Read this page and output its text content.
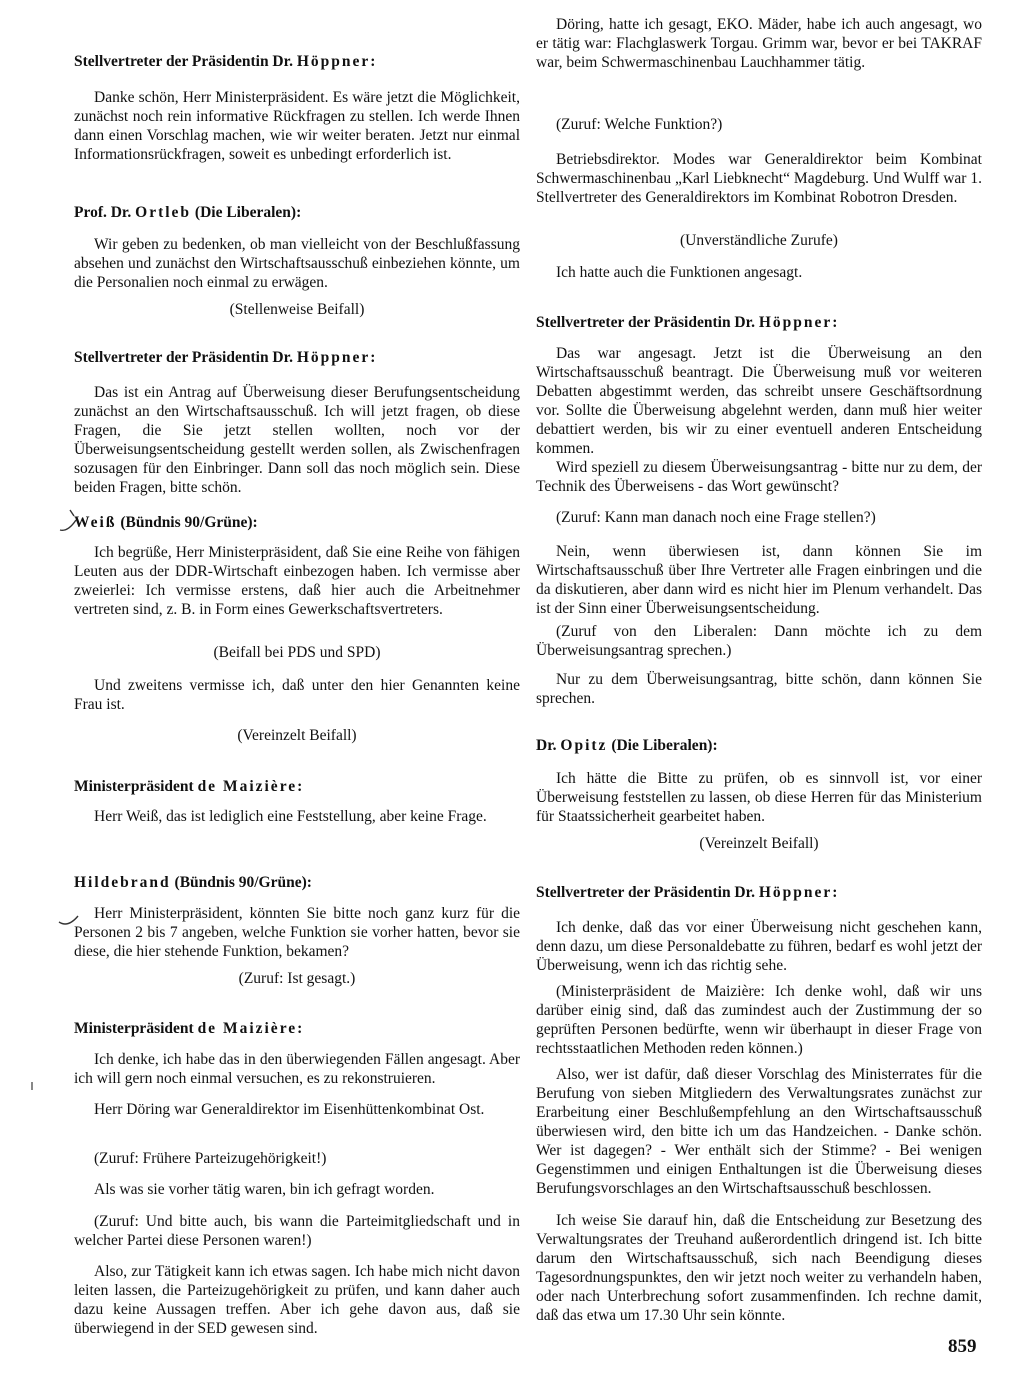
Stellvertreter der Präsidentin Dr. Höppner:

Danke schön, Herr Ministerpräsident. Es wäre jetzt die Möglichkeit, zunächst noch rein informative Rückfragen zu stellen. Ich werde Ihnen dann einen Vorschlag machen, wie wir weiter beraten. Jetzt nur einmal Informationsrückfragen, soweit es unbedingt erforderlich ist.

Prof. Dr. Ortleb (Die Liberalen):

Wir geben zu bedenken, ob man vielleicht von der Beschlußfassung absehen und zunächst den Wirtschaftsausschuß einbeziehen könnte, um die Personalien noch einmal zu erwägen.

(Stellenweise Beifall)

Stellvertreter der Präsidentin Dr. Höppner:

Das ist ein Antrag auf Überweisung dieser Berufungsentscheidung zunächst an den Wirtschaftsausschuß. Ich will jetzt fragen, ob diese Fragen, die Sie jetzt stellen wollten, noch vor der Überweisungsentscheidung gestellt werden sollen, als Zwischenfragen sozusagen für den Einbringer. Dann soll das noch möglich sein. Diese beiden Fragen, bitte schön.

Weiß (Bündnis 90/Grüne):

Ich begrüße, Herr Ministerpräsident, daß Sie eine Reihe von fähigen Leuten aus der DDR-Wirtschaft einbezogen haben. Ich vermisse aber zweierlei: Ich vermisse erstens, daß hier auch die Arbeitnehmer vertreten sind, z. B. in Form eines Gewerkschaftsvertreters.

(Beifall bei PDS und SPD)

Und zweitens vermisse ich, daß unter den hier Genannten keine Frau ist.

(Vereinzelt Beifall)

Ministerpräsident de Maizière:

Herr Weiß, das ist lediglich eine Feststellung, aber keine Frage.

Hildebrand (Bündnis 90/Grüne):

Herr Ministerpräsident, könnten Sie bitte noch ganz kurz für die Personen 2 bis 7 angeben, welche Funktion sie vorher hatten, bevor sie diese, die hier stehende Funktion, bekamen?

(Zuruf: Ist gesagt.)

Ministerpräsident de Maizière:

Ich denke, ich habe das in den überwiegenden Fällen angesagt. Aber ich will gern noch einmal versuchen, es zu rekonstruieren.

Herr Döring war Generaldirektor im Eisenhüttenkombinat Ost.

(Zuruf: Frühere Parteizugehörigkeit!)

Als was sie vorher tätig waren, bin ich gefragt worden.

(Zuruf: Und bitte auch, bis wann die Parteimitgliedschaft und in welcher Partei diese Personen waren!)

Also, zur Tätigkeit kann ich etwas sagen. Ich habe mich nicht davon leiten lassen, die Parteizugehörigkeit zu prüfen, und kann daher auch dazu keine Aussagen treffen. Aber ich gehe davon aus, daß sie überwiegend in der SED gewesen sind.

Döring, hatte ich gesagt, EKO. Mäder, habe ich auch angesagt, wo er tätig war: Flachglaswerk Torgau. Grimm war, bevor er bei TAKRAF war, beim Schwermaschinenbau Lauchhammer tätig.

(Zuruf: Welche Funktion?)

Betriebsdirektor. Modes war Generaldirektor beim Kombinat Schwermaschinenbau „Karl Liebknecht“ Magdeburg. Und Wulff war 1. Stellvertreter des Generaldirektors im Kombinat Robotron Dresden.

(Unverständliche Zurufe)

Ich hatte auch die Funktionen angesagt.

Stellvertreter der Präsidentin Dr. Höppner:

Das war angesagt. Jetzt ist die Überweisung an den Wirtschaftsausschuß beantragt. Die Überweisung muß vor weiteren Debatten abgestimmt werden, das schreibt unsere Geschäftsordnung vor. Sollte die Überweisung abgelehnt werden, dann muß hier weiter debattiert werden, bis wir zu einer eventuell anderen Entscheidung kommen.

Wird speziell zu diesem Überweisungsantrag - bitte nur zu dem, der Technik des Überweisens - das Wort gewünscht?

(Zuruf: Kann man danach noch eine Frage stellen?)

Nein, wenn überwiesen ist, dann können Sie im Wirtschaftsausschuß über Ihre Vertreter alle Fragen einbringen und die da diskutieren, aber dann wird es nicht hier im Plenum verhandelt. Das ist der Sinn einer Überweisungsentscheidung.

(Zuruf von den Liberalen: Dann möchte ich zu dem Überweisungsantrag sprechen.)

Nur zu dem Überweisungsantrag, bitte schön, dann können Sie sprechen.

Dr. Opitz (Die Liberalen):

Ich hätte die Bitte zu prüfen, ob es sinnvoll ist, vor einer Überweisung feststellen zu lassen, ob diese Herren für das Ministerium für Staatssicherheit gearbeitet haben.

(Vereinzelt Beifall)

Stellvertreter der Präsidentin Dr. Höppner:

Ich denke, daß das vor einer Überweisung nicht geschehen kann, denn dazu, um diese Personaldebatte zu führen, bedarf es wohl jetzt der Überweisung, wenn ich das richtig sehe.

(Ministerpräsident de Maizière: Ich denke wohl, daß wir uns darüber einig sind, daß das zumindest auch der Zustimmung der so geprüften Personen bedürfte, wenn wir überhaupt in dieser Frage von rechtsstaatlichen Methoden reden können.)

Also, wer ist dafür, daß dieser Vorschlag des Ministerrates für die Berufung von sieben Mitgliedern des Verwaltungsrates zunächst zur Erarbeitung einer Beschlußempfehlung an den Wirtschaftsausschuß überwiesen wird, den bitte ich um das Handzeichen. - Danke schön. Wer ist dagegen? - Wer enthält sich der Stimme? - Bei wenigen Gegenstimmen und einigen Enthaltungen ist die Überweisung dieses Berufungsvorschlages an den Wirtschaftsausschuß beschlossen.

Ich weise Sie darauf hin, daß die Entscheidung zur Besetzung des Verwaltungsrates der Treuhand außerordentlich dringend ist. Ich bitte darum den Wirtschaftsausschuß, sich nach Beendigung dieses Tagesordnungspunktes, den wir jetzt noch weiter zu verhandeln haben, oder nach Unterbrechung sofort zusammenfinden. Ich rechne damit, daß das etwa um 17.30 Uhr sein könnte.

859
